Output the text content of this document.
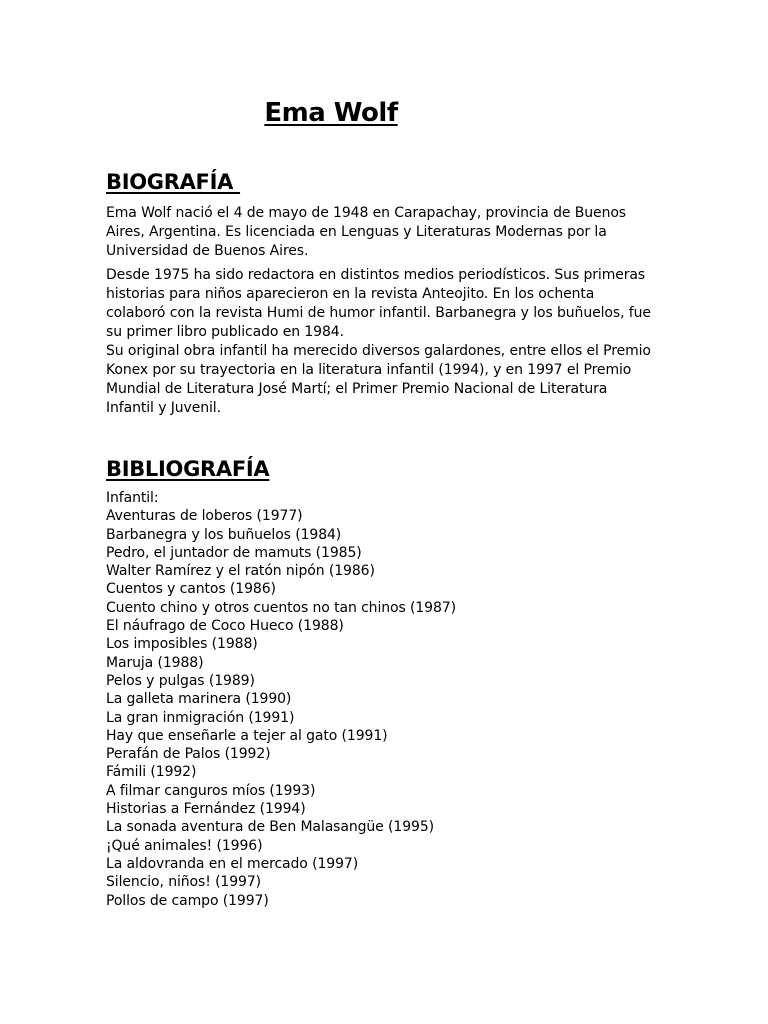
Ema Wolf
BIOGRAFÍA
Ema Wolf nació el 4 de mayo de 1948 en Carapachay, provincia de Buenos Aires, Argentina. Es licenciada en Lenguas y Literaturas Modernas por la Universidad de Buenos Aires.
Desde 1975 ha sido redactora en distintos medios periodísticos. Sus primeras historias para niños aparecieron en la revista Anteojito. En los ochenta colaboró con la revista Humi de humor infantil. Barbanegra y los buñuelos, fue su primer libro publicado en 1984.
Su original obra infantil ha merecido diversos galardones, entre ellos el Premio Konex por su trayectoria en la literatura infantil (1994), y en 1997 el Premio Mundial de Literatura José Martí; el Primer Premio Nacional de Literatura Infantil y Juvenil.
BIBLIOGRAFÍA
Infantil:
Aventuras de loberos (1977)
Barbanegra y los buñuelos (1984)
Pedro, el juntador de mamuts (1985)
Walter Ramírez y el ratón nipón (1986)
Cuentos y cantos (1986)
Cuento chino y otros cuentos no tan chinos (1987)
El náufrago de Coco Hueco (1988)
Los imposibles (1988)
Maruja (1988)
Pelos y pulgas (1989)
La galleta marinera (1990)
La gran inmigración (1991)
Hay que enseñarle a tejer al gato (1991)
Perafán de Palos (1992)
Fámili (1992)
A filmar canguros míos (1993)
Historias a Fernández (1994)
La sonada aventura de Ben Malasangüe (1995)
¡Qué animales! (1996)
La aldovranda en el mercado (1997)
Silencio, niños! (1997)
Pollos de campo (1997)
